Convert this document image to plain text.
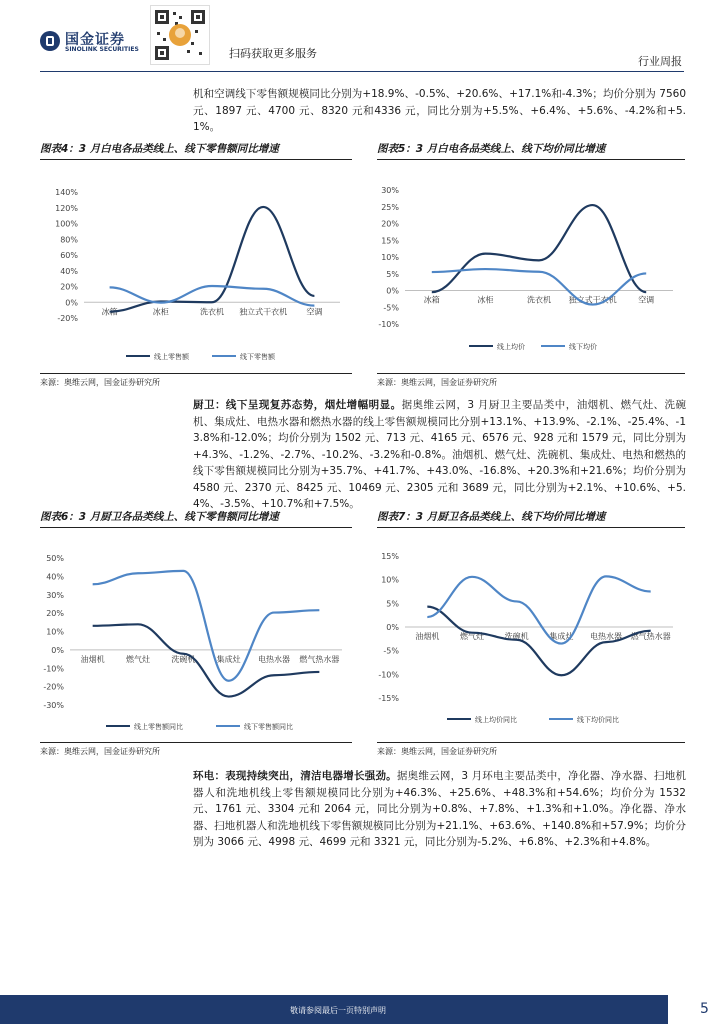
国金证券
SINOLINK SECURITIES	扫码获取更多服务
行业周报
机和空调线下零售额规模同比分别为+18.9%、-0.5%、+20.6%、+17.1%和-4.3%；均价分别为 7560 元、1897 元、4700 元、8320 元和4336 元，同比分别为+5.5%、+6.4%、+5.6%、-4.2%和+5.1%。
图表4：3 月白电各品类线上、线下零售额同比增速	图表5：3 月白电各品类线上、线下均价同比增速
-20%
0%
20%
40%
60%
80%
100%
120%
140%
冰箱	冰柜	洗衣机 独立式干衣机 空调
线上零售额	线下零售额
-10%
-5%
0%
5%
10%
15%
20%
25%
30%
冰箱	冰柜	洗衣机 独立式干衣机	空调
线上均价	线下均价
来源：奥维云网，国金证券研究所	来源：奥维云网，国金证券研究所
厨卫：线下呈现复苏态势，烟灶增幅明显。据奥维云网，3 月厨卫主要品类中，油烟机、燃气灶、洗碗机、集成灶、电热水器和燃热水器的线上零售额规模同比分别+13.1%、+13.9%、-2.1%、-25.4%、-13.8%和-12.0%；均价分别为 1502 元、713 元、4165 元、6576 元、928 元和 1579 元，同比分别为+4.3%、-1.2%、-2.7%、-10.2%、-3.2%和-0.8%。油烟机、燃气灶、洗碗机、集成灶、电热和燃热的线下零售额规模同比分别为+35.7%、+41.7%、+43.0%、-16.8%、+20.3%和+21.6%；均价分别为 4580 元、2370 元、8425 元、10469 元、2305 元和 3689 元，同比分别为+2.1%、+10.6%、+5.4%、-3.5%、+10.7%和+7.5%。
图表6：3 月厨卫各品类线上、线下零售额同比增速	图表7：3 月厨卫各品类线上、线下均价同比增速
-30%
-20%
-10%
0%
10%
20%
30%
40%
50%
油烟机	燃气灶	洗碗机	集成灶 电热水器 燃气热水器
线上零售额同比	线下零售额同比
-15%
-10%
-5%
0%
5%
10%
15%
油烟机	燃气灶	洗碗机	集成灶 电热水器 燃气热水器
线上均价同比	线下均价同比
来源：奥维云网，国金证券研究所	来源：奥维云网，国金证券研究所
环电：表现持续突出，清洁电器增长强劲。据奥维云网，3 月环电主要品类中，净化器、净水器、扫地机器人和洗地机线上零售额规模同比分别为+46.3%、+25.6%、+48.3%和+54.6%；均价分为 1532 元、1761 元、3304 元和 2064 元，同比分别为+0.8%、+7.8%、+1.3%和+1.0%。净化器、净水器、扫地机器人和洗地机线下零售额规模同比分别为+21.1%、+63.6%、+140.8%和+57.9%；均价分别为 3066 元、4998 元、4699 元和 3321 元，同比分别为-5.2%、+6.8%、+2.3%和+4.8%。
敬请参阅最后一页特别声明	5
